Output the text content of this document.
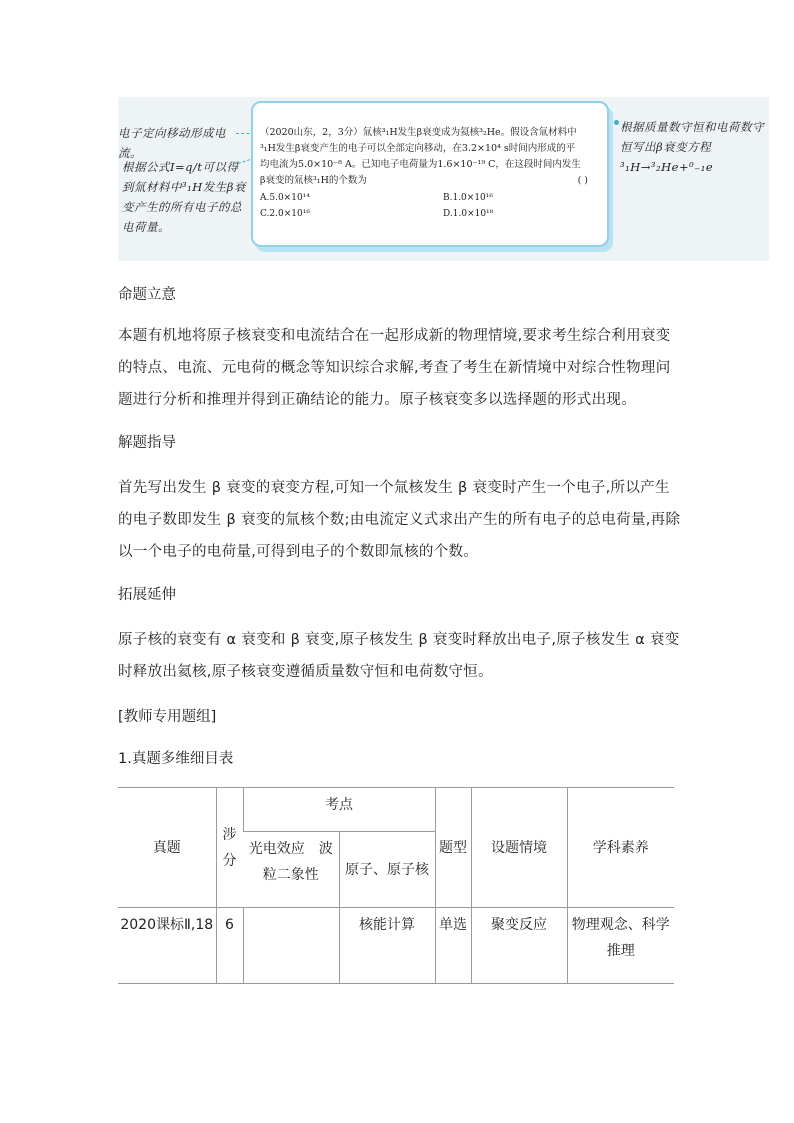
电子定向移动形成电流。
根据公式I=q/t可以得到氚材料中³₁H发生β衰变产生的所有电子的总电荷量。
根据质量数守恒和电荷数守恒写出β衰变方程 ³₁H→³₂He+⁰₋₁e
（2020山东，2，3分）氚核³₁H发生β衰变成为氦核³₂He。假设含氚材料中
³₁H发生β衰变产生的电子可以全部定向移动，在3.2×10⁴ s时间内形成的平
均电流为5.0×10⁻⁸ A。已知电子电荷量为1.6×10⁻¹⁹ C，在这段时间内发生
β衰变的氚核³₁H的个数为	( )
A.5.0×10¹⁴	B.1.0×10¹⁶
C.2.0×10¹⁶	D.1.0×10¹⁸
命题立意
本题有机地将原子核衰变和电流结合在一起形成新的物理情境,要求考生综合利用衰变的特点、电流、元电荷的概念等知识综合求解,考查了考生在新情境中对综合性物理问题进行分析和推理并得到正确结论的能力。原子核衰变多以选择题的形式出现。
解题指导
首先写出发生 β 衰变的衰变方程,可知一个氚核发生 β 衰变时产生一个电子,所以产生的电子数即发生 β 衰变的氚核个数;由电流定义式求出产生的所有电子的总电荷量,再除以一个电子的电荷量,可得到电子的个数即氚核的个数。
拓展延伸
原子核的衰变有 α 衰变和 β 衰变,原子核发生 β 衰变时释放出电子,原子核发生 α 衰变时释放出氦核,原子核衰变遵循质量数守恒和电荷数守恒。
[教师专用题组]
1.真题多维细目表
真题	涉分	考点		题型	设题情境	学科素养
		光电效应　波粒二象性	原子、原子核			
2020课标Ⅱ,18	6		核能计算	单选	聚变反应	物理观念、科学推理
